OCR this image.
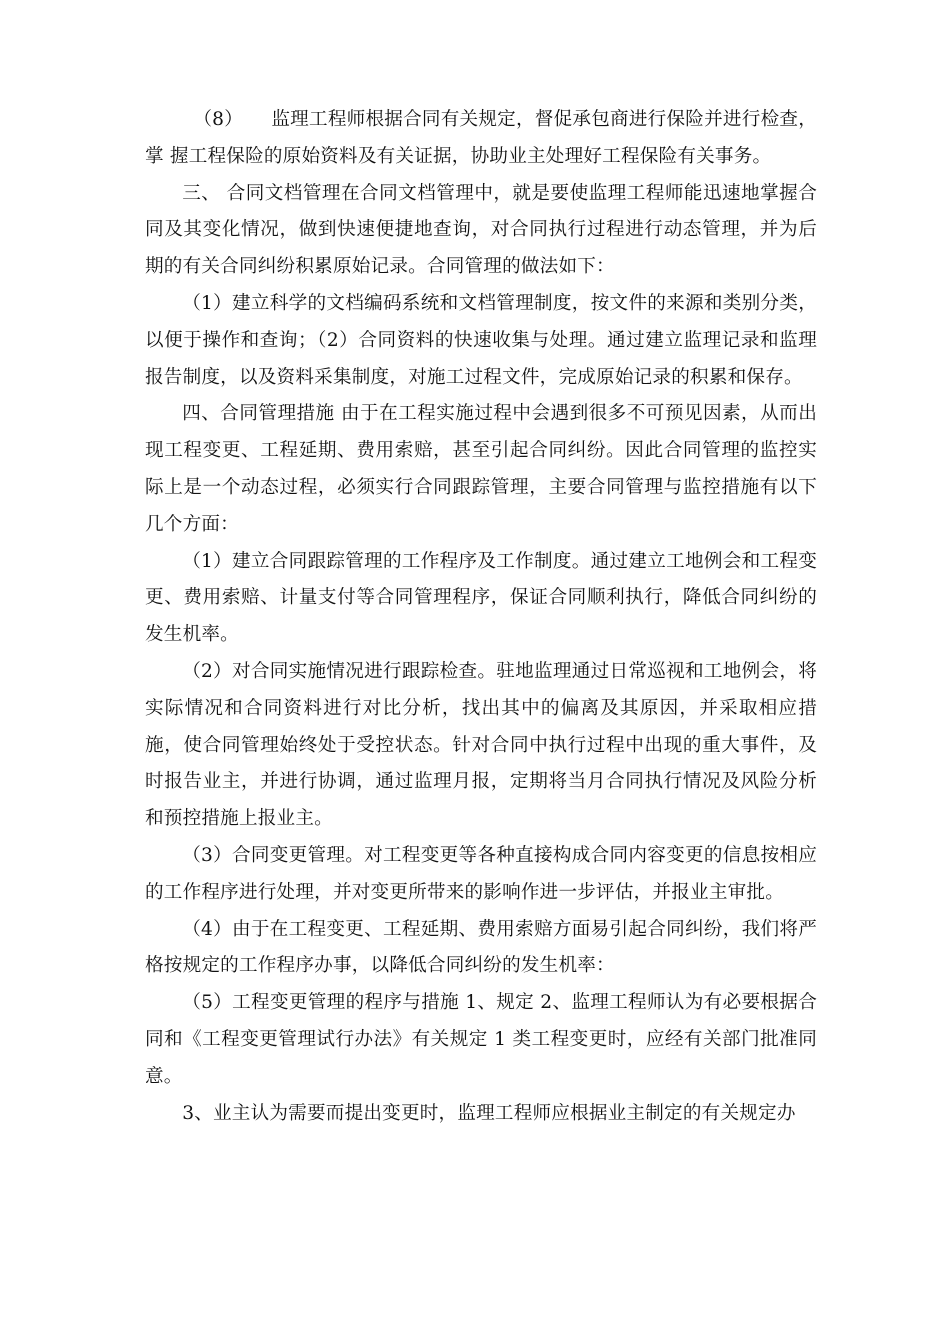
（8）　　监理工程师根据合同有关规定，督促承包商进行保险并进行检查，掌 握工程保险的原始资料及有关证据，协助业主处理好工程保险有关事务。

三、 合同文档管理在合同文档管理中，就是要使监理工程师能迅速地掌握合同及其变化情况，做到快速便捷地查询，对合同执行过程进行动态管理，并为后期的有关合同纠纷积累原始记录。合同管理的做法如下：

（1）建立科学的文档编码系统和文档管理制度，按文件的来源和类别分类， 以便于操作和查询；（2）合同资料的快速收集与处理。通过建立监理记录和监理 报告制度，以及资料采集制度，对施工过程文件，完成原始记录的积累和保存。

四、合同管理措施 由于在工程实施过程中会遇到很多不可预见因素，从而出现工程变更、工程延期、费用索赔，甚至引起合同纠纷。因此合同管理的监控实际上是一个动态过程，必须实行合同跟踪管理，主要合同管理与监控措施有以下几个方面：

（1）建立合同跟踪管理的工作程序及工作制度。通过建立工地例会和工程变更、费用索赔、计量支付等合同管理程序，保证合同顺利执行，降低合同纠纷的发生机率。

（2）对合同实施情况进行跟踪检查。驻地监理通过日常巡视和工地例会，将实际情况和合同资料进行对比分析，找出其中的偏离及其原因，并采取相应措施，使合同管理始终处于受控状态。针对合同中执行过程中出现的重大事件，及时报告业主，并进行协调，通过监理月报，定期将当月合同执行情况及风险分析和预控措施上报业主。

（3）合同变更管理。对工程变更等各种直接构成合同内容变更的信息按相应的工作程序进行处理，并对变更所带来的影响作进一步评估，并报业主审批。

（4）由于在工程变更、工程延期、费用索赔方面易引起合同纠纷，我们将严格按规定的工作程序办事，以降低合同纠纷的发生机率：

（5）工程变更管理的程序与措施 1、规定 2、监理工程师认为有必要根据合同和《工程变更管理试行办法》有关规定 1 类工程变更时，应经有关部门批准同意。

3、业主认为需要而提出变更时，监理工程师应根据业主制定的有关规定办
